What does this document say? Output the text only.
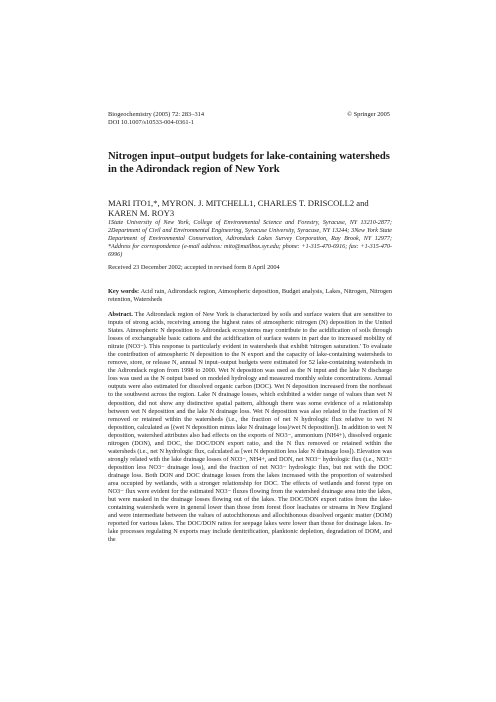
Biogeochemistry (2005) 72: 283–314
DOI 10.1007/s10533-004-0361-1
© Springer 2005
Nitrogen input–output budgets for lake-containing watersheds in the Adirondack region of New York
MARI ITO1,*, MYRON. J. MITCHELL1, CHARLES T. DRISCOLL2 and KAREN M. ROY3
1State University of New York, College of Environmental Science and Forestry, Syracuse, NY 13210-2877; 2Department of Civil and Environmental Engineering, Syracuse University, Syracuse, NY 13244; 3New York State Department of Environmental Conservation, Adirondack Lakes Survey Corporation, Ray Brook, NY 12977; *Address for correspondence (e-mail address: mito@mailbox.syr.edu; phone: +1-315-470-6916; fax: +1-315-470-6996)
Received 23 December 2002; accepted in revised form 8 April 2004
Key words: Acid rain, Adirondack region, Atmospheric deposition, Budget analysis, Lakes, Nitrogen, Nitrogen retention, Watersheds
Abstract. The Adirondack region of New York is characterized by soils and surface waters that are sensitive to inputs of strong acids, receiving among the highest rates of atmospheric nitrogen (N) deposition in the United States. Atmospheric N deposition to Adirondack ecosystems may contribute to the acidification of soils through losses of exchangeable basic cations and the acidification of surface waters in part due to increased mobility of nitrate (NO3−). This response is particularly evident in watersheds that exhibit 'nitrogen saturation.' To evaluate the contribution of atmospheric N deposition to the N export and the capacity of lake-containing watersheds to remove, store, or release N, annual N input–output budgets were estimated for 52 lake-containing watersheds in the Adirondack region from 1998 to 2000. Wet N deposition was used as the N input and the lake N discharge loss was used as the N output based on modeled hydrology and measured monthly solute concentrations. Annual outputs were also estimated for dissolved organic carbon (DOC). Wet N deposition increased from the northeast to the southwest across the region. Lake N drainage losses, which exhibited a wider range of values than wet N deposition, did not show any distinctive spatial pattern, although there was some evidence of a relationship between wet N deposition and the lake N drainage loss. Wet N deposition was also related to the fraction of N removed or retained within the watersheds (i.e., the fraction of net N hydrologic flux relative to wet N deposition, calculated as [(wet N deposition minus lake N drainage loss)/wet N deposition]). In addition to wet N deposition, watershed attributes also had effects on the exports of NO3−, ammonium (NH4+), dissolved organic nitrogen (DON), and DOC, the DOC/DON export ratio, and the N flux removed or retained within the watersheds (i.e., net N hydrologic flux, calculated as [wet N deposition less lake N drainage loss]). Elevation was strongly related with the lake drainage losses of NO3−, NH4+, and DON, net NO3− hydrologic flux (i.e., NO3− deposition less NO3− drainage loss), and the fraction of net NO3− hydrologic flux, but not with the DOC drainage loss. Both DON and DOC drainage losses from the lakes increased with the proportion of watershed area occupied by wetlands, with a stronger relationship for DOC. The effects of wetlands and forest type on NO3− flux were evident for the estimated NO3− fluxes flowing from the watershed drainage area into the lakes, but were masked in the drainage losses flowing out of the lakes. The DOC/DON export ratios from the lake-containing watersheds were in general lower than those from forest floor leachates or streams in New England and were intermediate between the values of autochthonous and allochthonous dissolved organic matter (DOM) reported for various lakes. The DOC/DON ratios for seepage lakes were lower than those for drainage lakes. In-lake processes regulating N exports may include denitrification, planktonic depletion, degradation of DOM, and the
